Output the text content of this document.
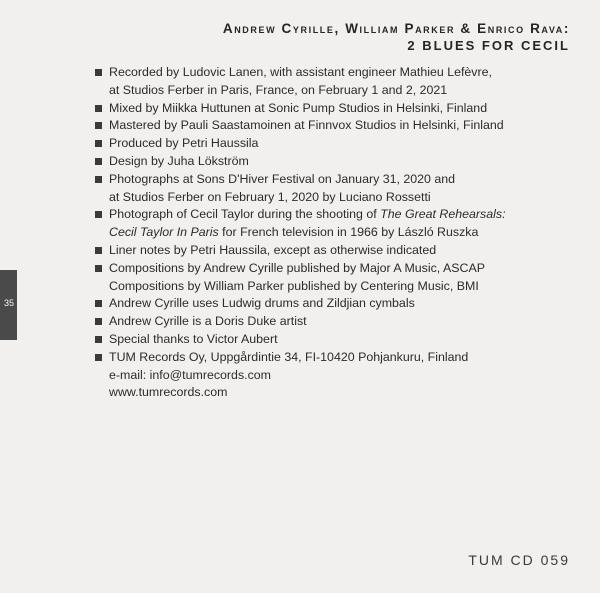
Andrew Cyrille, William Parker & Enrico Rava:
2 BLUES FOR CECIL
Recorded by Ludovic Lanen, with assistant engineer Mathieu Lefèvre,
at Studios Ferber in Paris, France, on February 1 and 2, 2021
Mixed by Miikka Huttunen at Sonic Pump Studios in Helsinki, Finland
Mastered by Pauli Saastamoinen at Finnvox Studios in Helsinki, Finland
Produced by Petri Haussila
Design by Juha Lökström
Photographs at Sons D'Hiver Festival on January 31, 2020 and
at Studios Ferber on February 1, 2020 by Luciano Rossetti
Photograph of Cecil Taylor during the shooting of The Great Rehearsals:
Cecil Taylor In Paris for French television in 1966 by László Ruszka
Liner notes by Petri Haussila, except as otherwise indicated
Compositions by Andrew Cyrille published by Major A Music, ASCAP
Compositions by William Parker published by Centering Music, BMI
Andrew Cyrille uses Ludwig drums and Zildjian cymbals
Andrew Cyrille is a Doris Duke artist
Special thanks to Victor Aubert
TUM Records Oy, Uppgårdintie 34, FI-10420 Pohjankuru, Finland
e-mail: info@tumrecords.com
www.tumrecords.com
35
TUM CD 059
